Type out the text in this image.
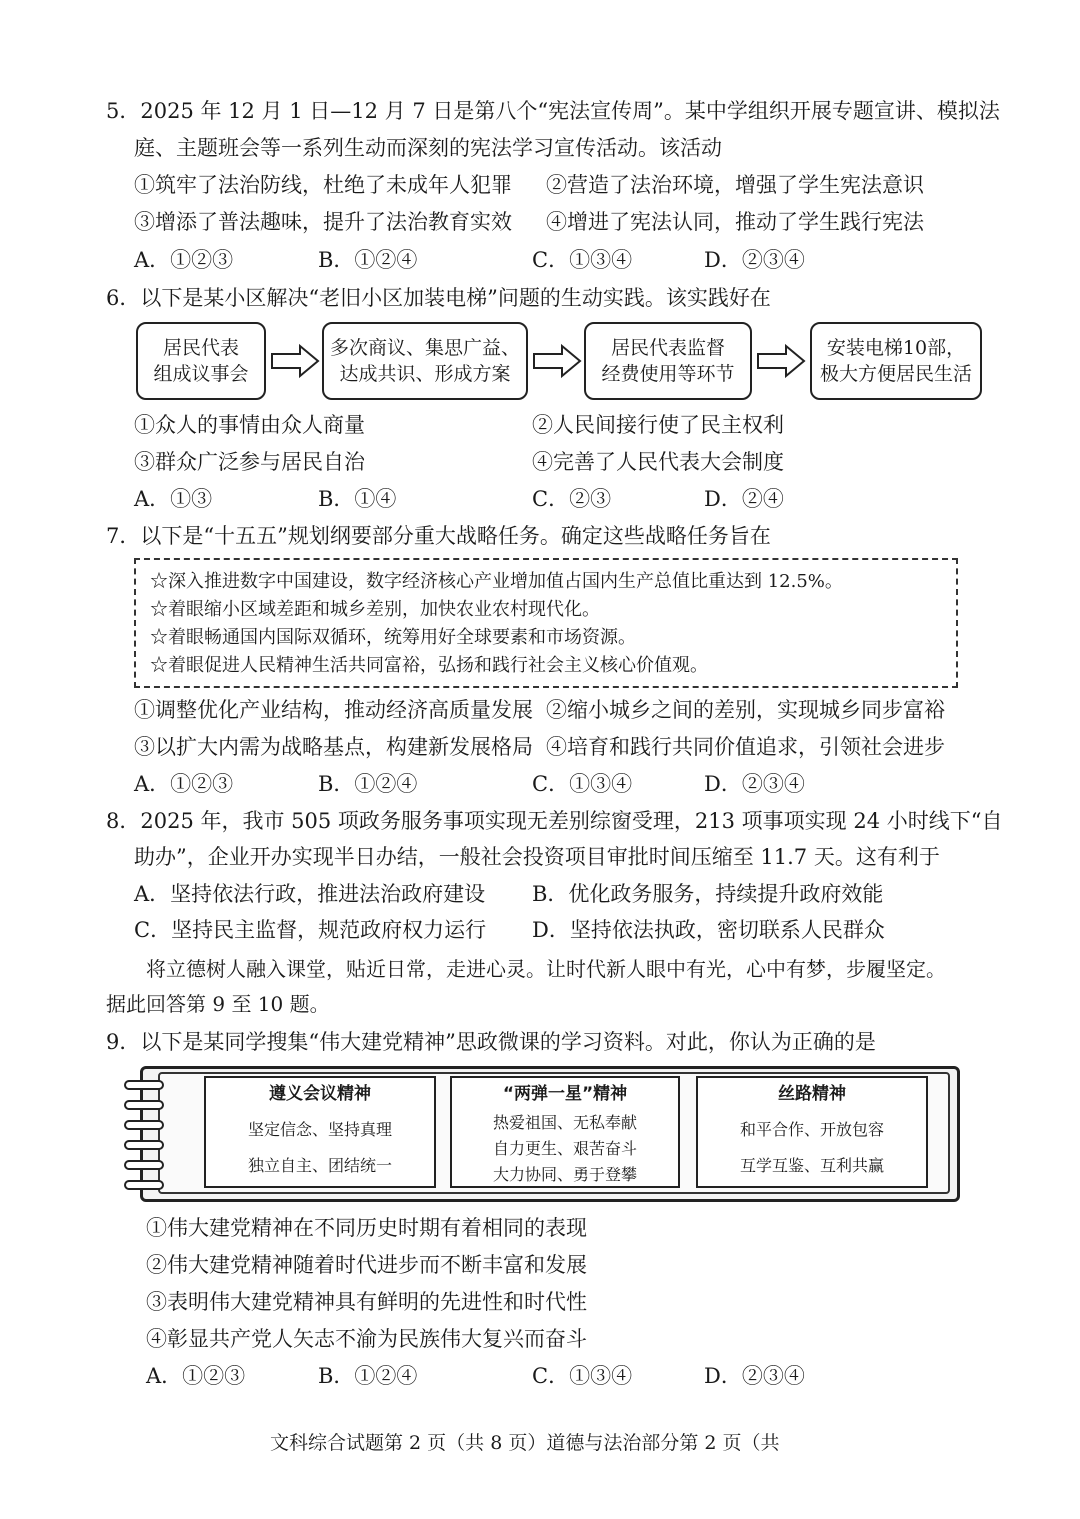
5．2025 年 12 月 1 日—12 月 7 日是第八个“宪法宣传周”。某中学组织开展专题宣讲、模拟法
庭、主题班会等一系列生动而深刻的宪法学习宣传活动。该活动
①筑牢了法治防线，杜绝了未成年人犯罪 ②营造了法治环境，增强了学生宪法意识
③增添了普法趣味，提升了法治教育实效 ④增进了宪法认同，推动了学生践行宪法
A．①②③	B．①②④	C．①③④	D．②③④
6．以下是某小区解决“老旧小区加装电梯”问题的生动实践。该实践好在
居民代表
组成议事会
多次商议、集思广益、
达成共识、形成方案
居民代表监督
经费使用等环节
安装电梯10部，
极大方便居民生活
①众人的事情由众人商量	②人民间接行使了民主权利
③群众广泛参与居民自治	④完善了人民代表大会制度
A．①③	B．①④	C．②③	D．②④
7．以下是“十五五”规划纲要部分重大战略任务。确定这些战略任务旨在
☆深入推进数字中国建设，数字经济核心产业增加值占国内生产总值比重达到 12.5%。
☆着眼缩小区域差距和城乡差别，加快农业农村现代化。
☆着眼畅通国内国际双循环，统筹用好全球要素和市场资源。
☆着眼促进人民精神生活共同富裕，弘扬和践行社会主义核心价值观。
①调整优化产业结构，推动经济高质量发展 ②缩小城乡之间的差别，实现城乡同步富裕
③以扩大内需为战略基点，构建新发展格局 ④培育和践行共同价值追求，引领社会进步
A．①②③	B．①②④	C．①③④	D．②③④
8．2025 年，我市 505 项政务服务事项实现无差别综窗受理，213 项事项实现 24 小时线下“自
助办”，企业开办实现半日办结，一般社会投资项目审批时间压缩至 11.7 天。这有利于
A．坚持依法行政，推进法治政府建设 B．优化政务服务，持续提升政府效能
C．坚持民主监督，规范政府权力运行 D．坚持依法执政，密切联系人民群众
将立德树人融入课堂，贴近日常，走进心灵。让时代新人眼中有光，心中有梦，步履坚定。
据此回答第 9 至 10 题。
9．以下是某同学搜集“伟大建党精神”思政微课的学习资料。对此，你认为正确的是
遵义会议精神
坚定信念、坚持真理
独立自主、团结统一
“两弹一星”精神
热爱祖国、无私奉献
自力更生、艰苦奋斗
大力协同、勇于登攀
丝路精神
和平合作、开放包容
互学互鉴、互利共赢
①伟大建党精神在不同历史时期有着相同的表现
②伟大建党精神随着时代进步而不断丰富和发展
③表明伟大建党精神具有鲜明的先进性和时代性
④彰显共产党人矢志不渝为民族伟大复兴而奋斗
A．①②③	B．①②④	C．①③④	D．②③④
文科综合试题第 2 页（共 8 页）道德与法治部分第 2 页（共
